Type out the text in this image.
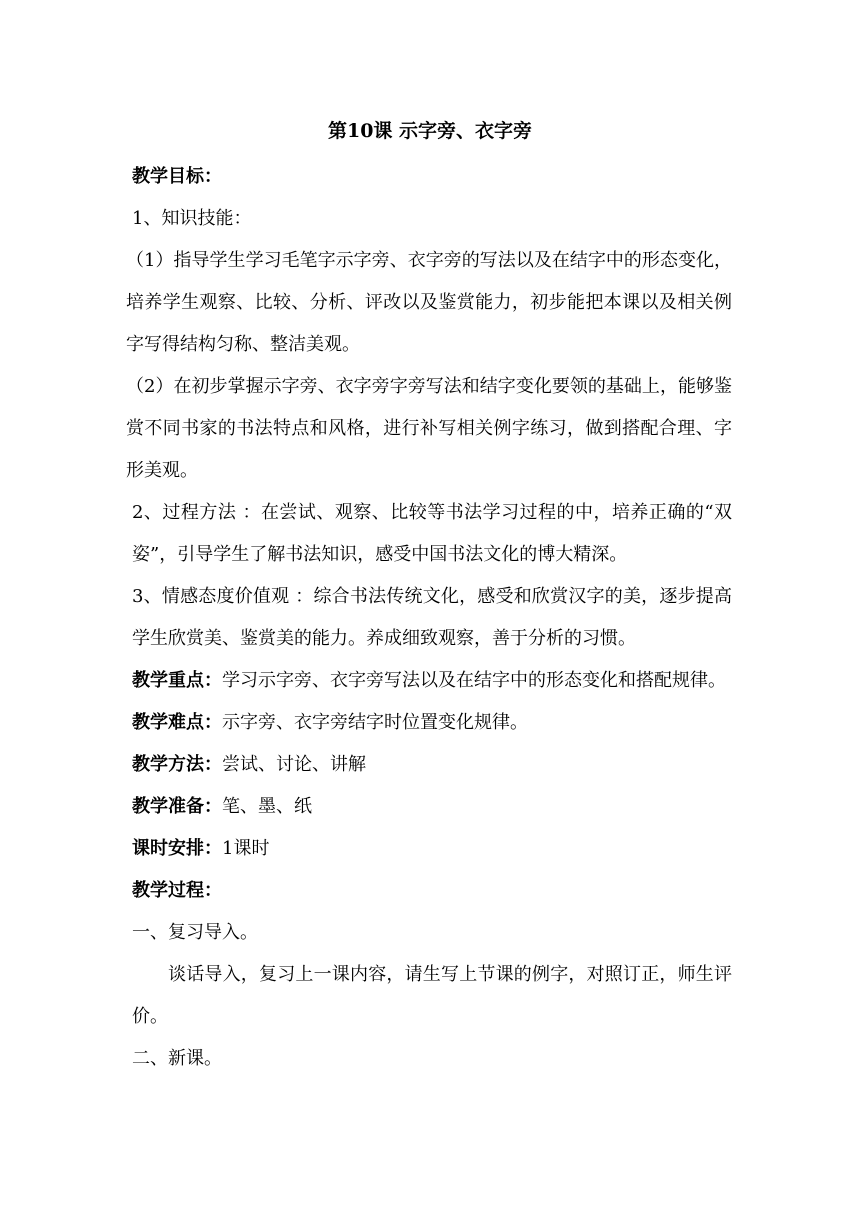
第10课 示字旁、衣字旁

教学目标：

1、知识技能：

（1）指导学生学习毛笔字示字旁、衣字旁的写法以及在结字中的形态变化，培养学生观察、比较、分析、评改以及鉴赏能力，初步能把本课以及相关例字写得结构匀称、整洁美观。

（2）在初步掌握示字旁、衣字旁字旁写法和结字变化要领的基础上，能够鉴赏不同书家的书法特点和风格，进行补写相关例字练习，做到搭配合理、字形美观。

2、过程方法 ：在尝试、观察、比较等书法学习过程的中，培养正确的“双姿”，引导学生了解书法知识，感受中国书法文化的博大精深。

3、情感态度价值观 ：综合书法传统文化，感受和欣赏汉字的美，逐步提高学生欣赏美、鉴赏美的能力。养成细致观察，善于分析的习惯。

教学重点：学习示字旁、衣字旁写法以及在结字中的形态变化和搭配规律。

教学难点：示字旁、衣字旁结字时位置变化规律。

教学方法：尝试、讨论、讲解

教学准备：笔、墨、纸

课时安排：1课时

教学过程：

一、复习导入。

谈话导入，复习上一课内容，请生写上节课的例字，对照订正，师生评价。

二、新课。
